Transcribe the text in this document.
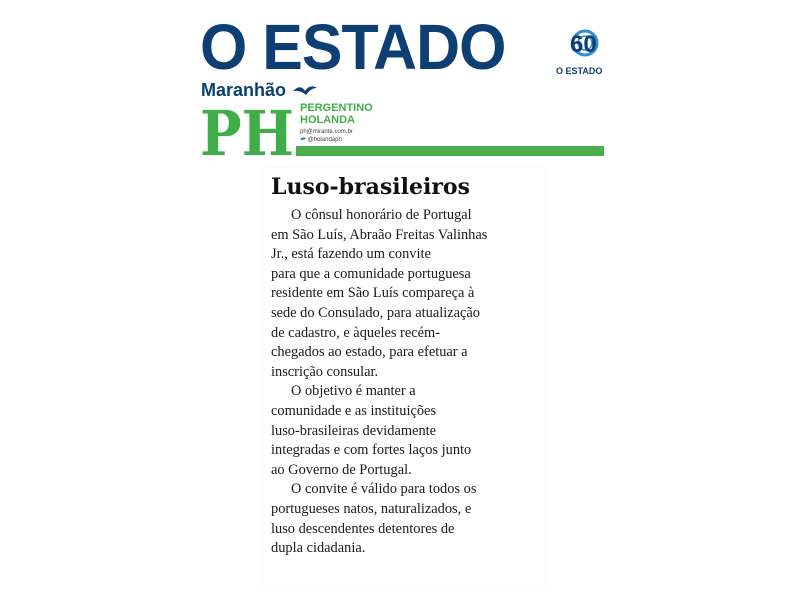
O ESTADO	60
O ESTADO
Maranhão
PH PERGENTINO HOLANDA
ph@mirante.com.br
@holandaph
Luso-brasileiros

O cônsul honorário de Portugal
em São Luís, Abraão Freitas Valinhas
Jr., está fazendo um convite
para que a comunidade portuguesa
residente em São Luís compareça à
sede do Consulado, para atualização
de cadastro, e àqueles recém-
chegados ao estado, para efetuar a
inscrição consular.

O objetivo é manter a
comunidade e as instituições
luso-brasileiras devidamente
integradas e com fortes laços junto
ao Governo de Portugal.

O convite é válido para todos os
portugueses natos, naturalizados, e
luso descendentes detentores de
dupla cidadania.
